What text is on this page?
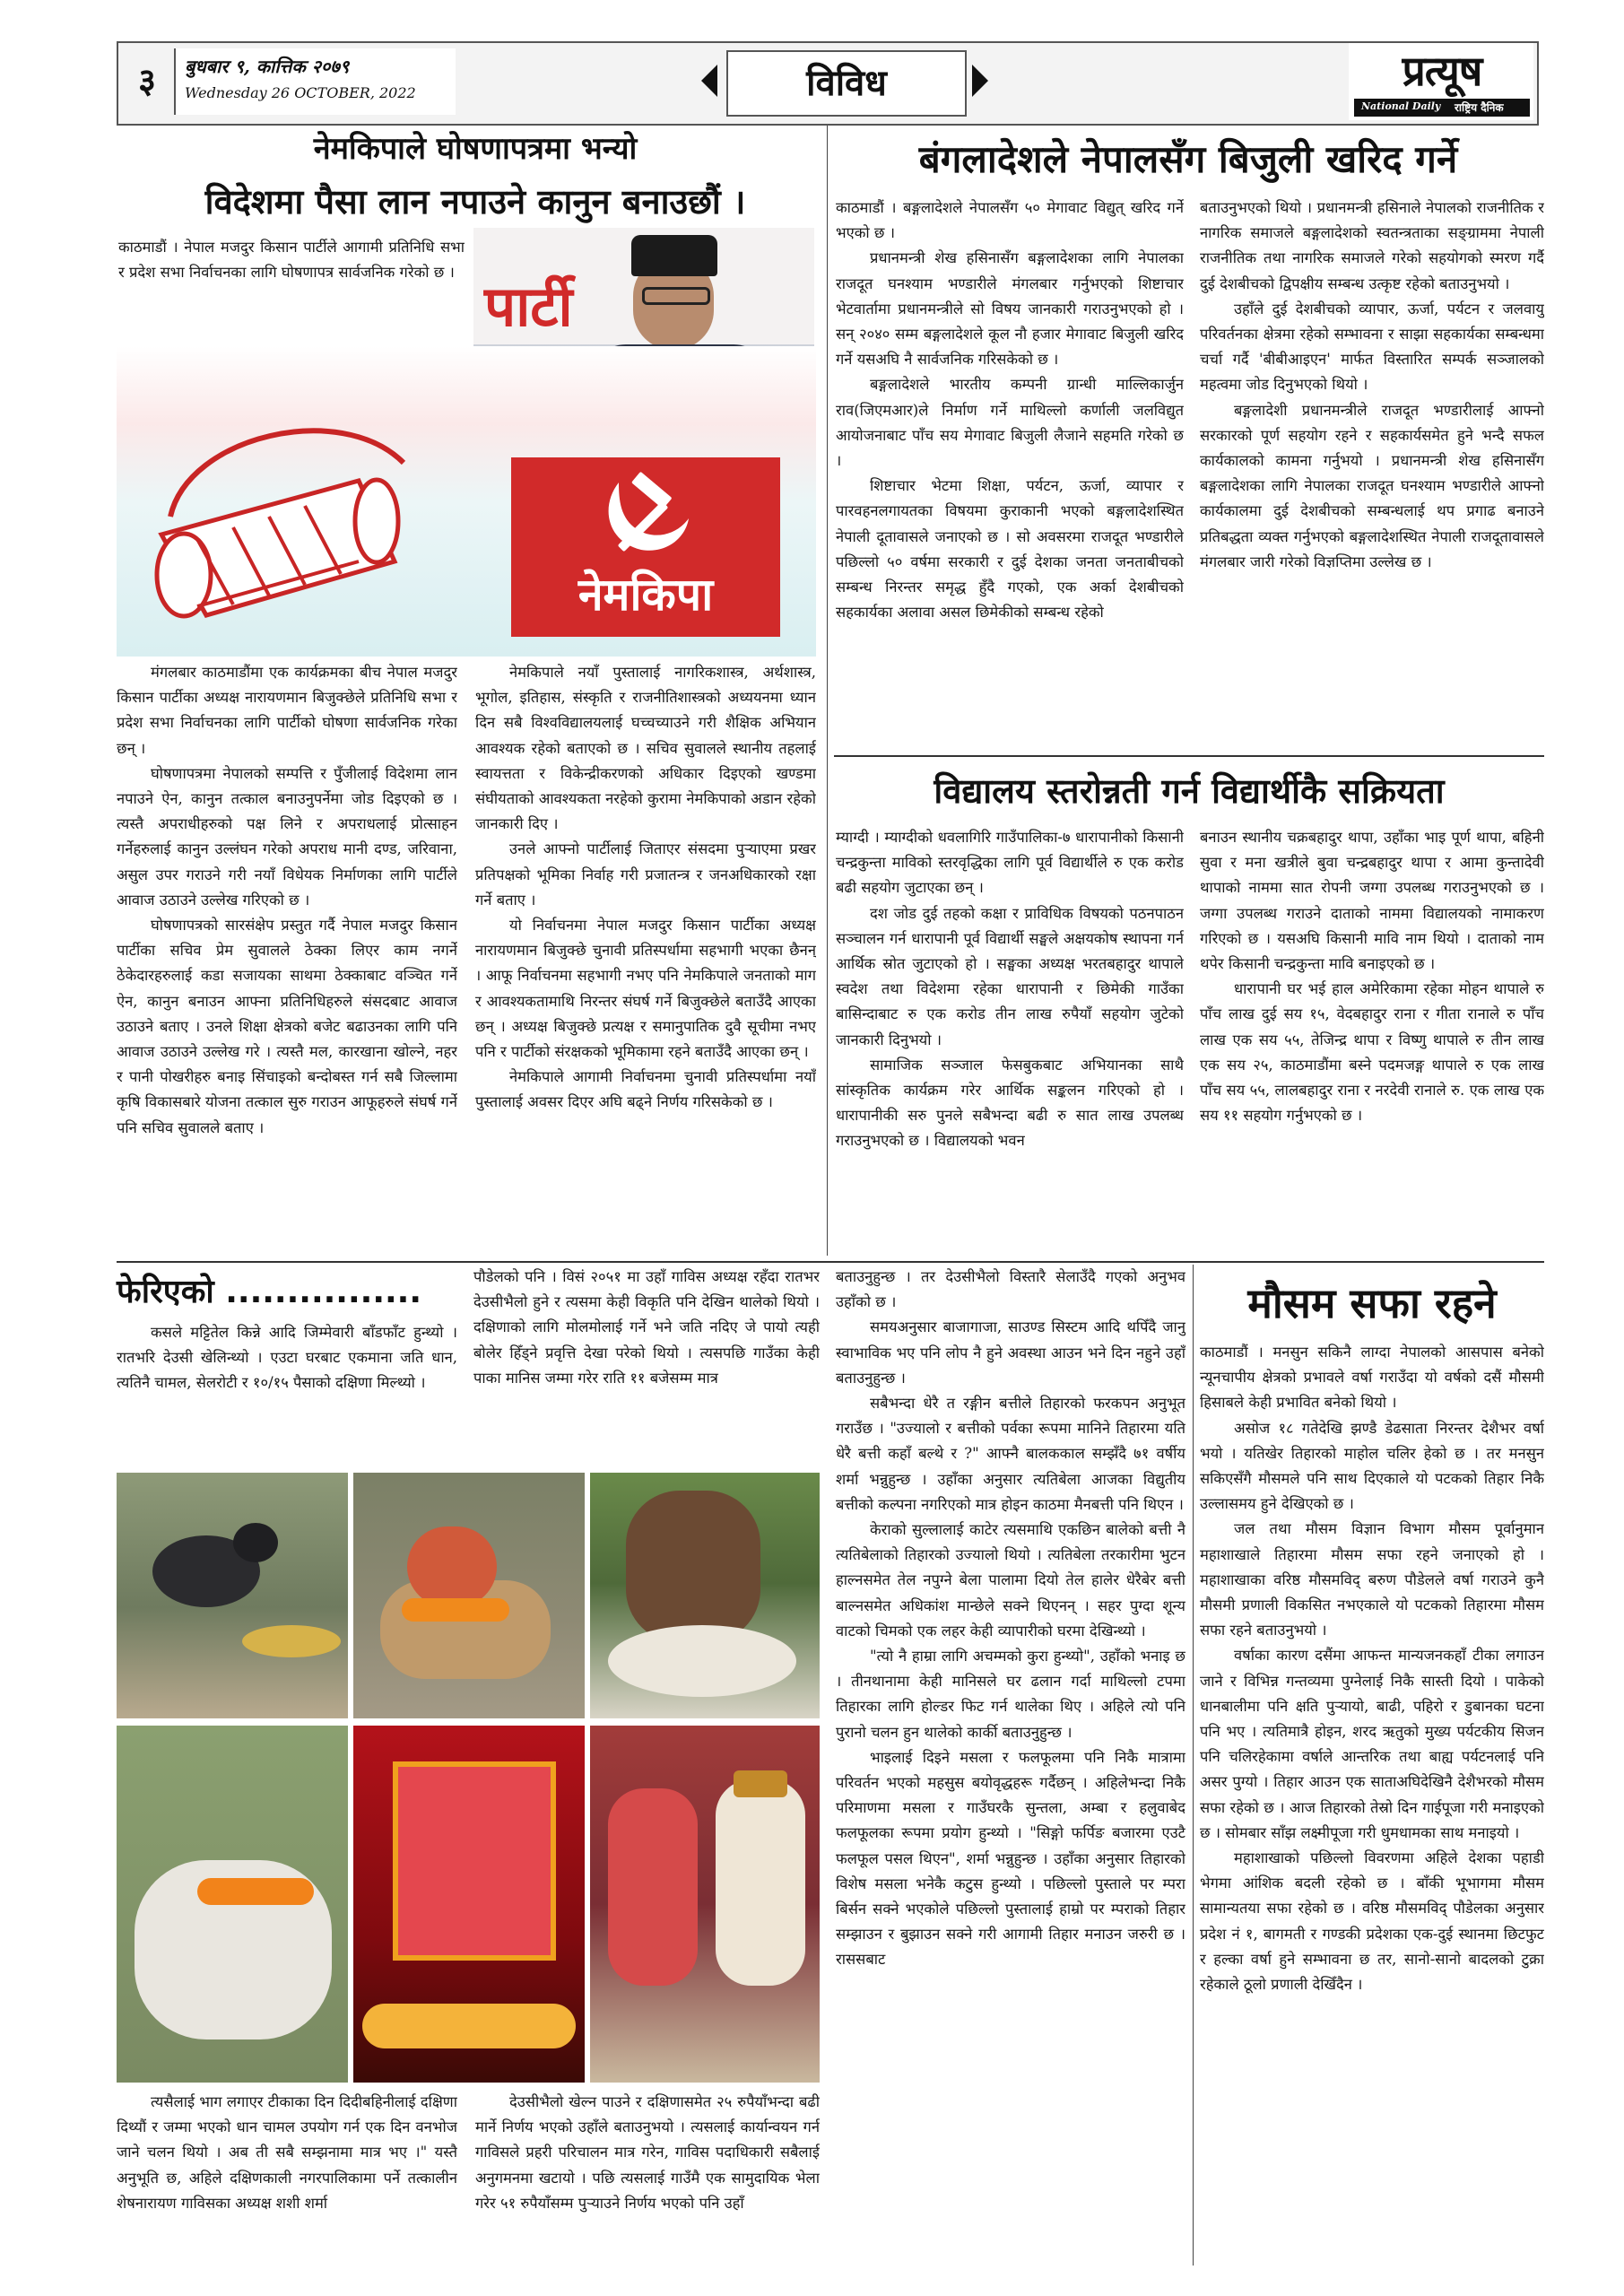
३	बुधबार ९, कात्तिक २०७९
Wednesday 26 OCTOBER, 2022	विविध	प्रत्यूष
National Daily राष्ट्रिय दैनिक
नेमकिपाले घोषणापत्रमा भन्यो
विदेशमा पैसा लान नपाउने कानुन बनाउछौं ।

काठमाडौं । नेपाल मजदुर किसान पार्टीले आगामी प्रतिनिधि सभा र प्रदेश सभा निर्वाचनका लागि घोषणापत्र सार्वजनिक गरेको छ ।

पार्टी
नेमकिपा

मंगलबार काठमाडौंमा एक कार्यक्रमका बीच नेपाल मजदुर किसान पार्टीका अध्यक्ष नारायणमान बिजुक्छेले प्रतिनिधि सभा र प्रदेश सभा निर्वाचनका लागि पार्टीको घोषणा सार्वजनिक गरेका छन् ।

घोषणापत्रमा नेपालको सम्पत्ति र पुँजीलाई विदेशमा लान नपाउने ऐन, कानुन तत्काल बनाउनुपर्नेमा जोड दिइएको छ । त्यस्तै अपराधीहरुको पक्ष लिने र अपराधलाई प्रोत्साहन गर्नेहरुलाई कानुन उल्लंघन गरेको अपराध मानी दण्ड, जरिवाना, असुल उपर गराउने गरी नयाँ विधेयक निर्माणका लागि पार्टीले आवाज उठाउने उल्लेख गरिएको छ ।

घोषणापत्रको सारसंक्षेप प्रस्तुत गर्दै नेपाल मजदुर किसान पार्टीका सचिव प्रेम सुवालले ठेक्का लिएर काम नगर्ने ठेकेदारहरुलाई कडा सजायका साथमा ठेक्काबाट वञ्चित गर्ने ऐन, कानुन बनाउन आफ्ना प्रतिनिधिहरुले संसदबाट आवाज उठाउने बताए । उनले शिक्षा क्षेत्रको बजेट बढाउनका लागि पनि आवाज उठाउने उल्लेख गरे । त्यस्तै मल, कारखाना खोल्ने, नहर र पानी पोखरीहरु बनाइ सिंचाइको बन्दोबस्त गर्न सबै जिल्लामा कृषि विकासबारे योजना तत्काल सुरु गराउन आफूहरुले संघर्ष गर्ने पनि सचिव सुवालले बताए ।

नेमकिपाले नयाँ पुस्तालाई नागरिकशास्त्र, अर्थशास्त्र, भूगोल, इतिहास, संस्कृति र राजनीतिशास्त्रको अध्ययनमा ध्यान दिन सबै विश्वविद्यालयलाई घच्चच्याउने गरी शैक्षिक अभियान आवश्यक रहेको बताएको छ । सचिव सुवालले स्थानीय तहलाई स्वायत्तता र विकेन्द्रीकरणको अधिकार दिइएको खण्डमा संघीयताको आवश्यकता नरहेको कुरामा नेमकिपाको अडान रहेको जानकारी दिए ।

उनले आफ्नो पार्टीलाई जिताएर संसदमा पुऱ्याएमा प्रखर प्रतिपक्षको भूमिका निर्वाह गरी प्रजातन्त्र र जनअधिकारको रक्षा गर्ने बताए ।

यो निर्वाचनमा नेपाल मजदुर किसान पार्टीका अध्यक्ष नारायणमान बिजुक्छे चुनावी प्रतिस्पर्धामा सहभागी भएका छैनन् । आफू निर्वाचनमा सहभागी नभए पनि नेमकिपाले जनताको माग र आवश्यकतामाथि निरन्तर संघर्ष गर्ने बिजुक्छेले बताउँदै आएका छन् । अध्यक्ष बिजुक्छे प्रत्यक्ष र समानुपातिक दुवै सूचीमा नभए पनि र पार्टीको संरक्षकको भूमिकामा रहने बताउँदै आएका छन् ।

नेमकिपाले आगामी निर्वाचनमा चुनावी प्रतिस्पर्धामा नयाँ पुस्तालाई अवसर दिएर अघि बढ्ने निर्णय गरिसकेको छ ।

बंगलादेशले नेपालसँग बिजुली खरिद गर्ने

काठमाडौं । बङ्गलादेशले नेपालसँग ५० मेगावाट विद्युत् खरिद गर्ने भएको छ ।

प्रधानमन्त्री शेख हसिनासँग बङ्गलादेशका लागि नेपालका राजदूत घनश्याम भण्डारीले मंगलबार गर्नुभएको शिष्टाचार भेटवार्तामा प्रधानमन्त्रीले सो विषय जानकारी गराउनुभएको हो । सन् २०४० सम्म बङ्गलादेशले कूल नौ हजार मेगावाट बिजुली खरिद गर्ने यसअघि नै सार्वजनिक गरिसकेको छ ।

बङ्गलादेशले भारतीय कम्पनी ग्रान्धी माल्लिकार्जुन राव(जिएमआर)ले निर्माण गर्ने माथिल्लो कर्णाली जलविद्युत आयोजनाबाट पाँच सय मेगावाट बिजुली लैजाने सहमति गरेको छ ।

शिष्टाचार भेटमा शिक्षा, पर्यटन, ऊर्जा, व्यापार र पारवहनलगायतका विषयमा कुराकानी भएको बङ्गलादेशस्थित नेपाली दूतावासले जनाएको छ । सो अवसरमा राजदूत भण्डारीले पछिल्लो ५० वर्षमा सरकारी र दुई देशका जनता जनताबीचको सम्बन्ध निरन्तर समृद्ध हुँदै गएको, एक अर्का देशबीचको सहकार्यका अलावा असल छिमेकीको सम्बन्ध रहेको

बताउनुभएको थियो । प्रधानमन्त्री हसिनाले नेपालको राजनीतिक र नागरिक समाजले बङ्गलादेशको स्वतन्त्रताका सङ्ग्राममा नेपाली राजनीतिक तथा नागरिक समाजले गरेको सहयोगको स्मरण गर्दै दुई देशबीचको द्विपक्षीय सम्बन्ध उत्कृष्ट रहेको बताउनुभयो ।

उहाँले दुई देशबीचको व्यापार, ऊर्जा, पर्यटन र जलवायु परिवर्तनका क्षेत्रमा रहेको सम्भावना र साझा सहकार्यका सम्बन्धमा चर्चा गर्दै 'बीबीआइएन' मार्फत विस्तारित सम्पर्क सञ्जालको महत्वमा जोड दिनुभएको थियो ।

बङ्गलादेशी प्रधानमन्त्रीले राजदूत भण्डारीलाई आफ्नो सरकारको पूर्ण सहयोग रहने र सहकार्यसमेत हुने भन्दै सफल कार्यकालको कामना गर्नुभयो । प्रधानमन्त्री शेख हसिनासँग बङ्गलादेशका लागि नेपालका राजदूत घनश्याम भण्डारीले आफ्नो कार्यकालमा दुई देशबीचको सम्बन्धलाई थप प्रगाढ बनाउने प्रतिबद्धता व्यक्त गर्नुभएको बङ्गलादेशस्थित नेपाली राजदूतावासले मंगलबार जारी गरेको विज्ञप्तिमा उल्लेख छ ।

विद्यालय स्तरोन्नती गर्न विद्यार्थीकै सक्रियता

म्याग्दी । म्याग्दीको धवलागिरि गाउँपालिका-७ धारापानीको किसानी चन्द्रकुन्ता माविको स्तरवृद्धिका लागि पूर्व विद्यार्थीले रु एक करोड बढी सहयोग जुटाएका छन् ।

दश जोड दुई तहको कक्षा र प्राविधिक विषयको पठनपाठन सञ्चालन गर्न धारापानी पूर्व विद्यार्थी सङ्घले अक्षयकोष स्थापना गर्न आर्थिक स्रोत जुटाएको हो । सङ्घका अध्यक्ष भरतबहादुर थापाले स्वदेश तथा विदेशमा रहेका धारापानी र छिमेकी गाउँका बासिन्दाबाट रु एक करोड तीन लाख रुपैयाँ सहयोग जुटेको जानकारी दिनुभयो ।

सामाजिक सञ्जाल फेसबुकबाट अभियानका साथै सांस्कृतिक कार्यक्रम गरेर आर्थिक सङ्कलन गरिएको हो । धारापानीकी सरु पुनले सबैभन्दा बढी रु सात लाख उपलब्ध गराउनुभएको छ । विद्यालयको भवन

बनाउन स्थानीय चक्रबहादुर थापा, उहाँका भाइ पूर्ण थापा, बहिनी सुवा र मना खत्रीले बुवा चन्द्रबहादुर थापा र आमा कुन्तादेवी थापाको नाममा सात रोपनी जग्गा उपलब्ध गराउनुभएको छ । जग्गा उपलब्ध गराउने दाताको नाममा विद्यालयको नामाकरण गरिएको छ । यसअघि किसानी मावि नाम थियो । दाताको नाम थपेर किसानी चन्द्रकुन्ता मावि बनाइएको छ ।

धारापानी घर भई हाल अमेरिकामा रहेका मोहन थापाले रु पाँच लाख दुई सय १५, वेदबहादुर राना र गीता रानाले रु पाँच लाख एक सय ५५, तेजिन्द्र थापा र विष्णु थापाले रु तीन लाख एक सय २५, काठमाडौंमा बस्ने पदमजङ्ग थापाले रु एक लाख पाँच सय ५५, लालबहादुर राना र नरदेवी रानाले रु. एक लाख एक सय ११ सहयोग गर्नुभएको छ ।

फेरिएको ................

कसले मट्टितेल किन्ने आदि जिम्मेवारी बाँडफाँट हुन्थ्यो । रातभरि देउसी खेलिन्थ्यो । एउटा घरबाट एकमाना जति धान, त्यतिनै चामल, सेलरोटी र १०/१५ पैसाको दक्षिणा मिल्थ्यो ।

पौडेलको पनि । विसं २०५१ मा उहाँ गाविस अध्यक्ष रहँदा रातभर देउसीभैलो हुने र त्यसमा केही विकृति पनि देखिन थालेको थियो । दक्षिणाको लागि मोलमोलाई गर्ने भने जति नदिए जे पायो त्यही बोलेर हिँड्ने प्रवृत्ति देखा परेको थियो । त्यसपछि गाउँका केही पाका मानिस जम्मा गरेर राति ११ बजेसम्म मात्र

त्यसैलाई भाग लगाएर टीकाका दिन दिदीबहिनीलाई दक्षिणा दिथ्यौं र जम्मा भएको धान चामल उपयोग गर्न एक दिन वनभोज जाने चलन थियो । अब ती सबै सम्झनामा मात्र भए ।" यस्तै अनुभूति छ, अहिले दक्षिणकाली नगरपालिकामा पर्ने तत्कालीन शेषनारायण गाविसका अध्यक्ष शशी शर्मा

देउसीभैलो खेल्न पाउने र दक्षिणासमेत २५ रुपैयाँभन्दा बढी मार्ने निर्णय भएको उहाँले बताउनुभयो । त्यसलाई कार्यान्वयन गर्न गाविसले प्रहरी परिचालन मात्र गरेन, गाविस पदाधिकारी सबैलाई अनुगमनमा खटायो । पछि त्यसलाई गाउँमै एक सामुदायिक भेला गरेर ५१ रुपैयाँसम्म पुऱ्याउने निर्णय भएको पनि उहाँ

बताउनुहुन्छ । तर देउसीभैलो विस्तारै सेलाउँदै गएको अनुभव उहाँको छ ।

समयअनुसार बाजागाजा, साउण्ड सिस्टम आदि थपिँदै जानु स्वाभाविक भए पनि लोप नै हुने अवस्था आउन भने दिन नहुने उहाँ बताउनुहुन्छ ।

सबैभन्दा धेरै त रङ्गीन बत्तीले तिहारको फरकपन अनुभूत गराउँछ । "उज्यालो र बत्तीको पर्वका रूपमा मानिने तिहारमा यति धेरै बत्ती कहाँ बल्थे र ?" आफ्नै बालककाल सम्झँदै ७१ वर्षीय शर्मा भन्नुहुन्छ । उहाँका अनुसार त्यतिबेला आजका विद्युतीय बत्तीको कल्पना नगरिएको मात्र होइन काठमा मैनबत्ती पनि थिएन ।

केराको सुल्लालाई काटेर त्यसमाथि एकछिन बालेको बत्ती नै त्यतिबेलाको तिहारको उज्यालो थियो । त्यतिबेला तरकारीमा भुटन हाल्नसमेत तेल नपुग्ने बेला पालामा दियो तेल हालेर धेरैबेर बत्ती बाल्नसमेत अधिकांश मान्छेले सक्ने थिएनन् । सहर पुग्दा शून्य वाटको चिमको एक लहर केही व्यापारीको घरमा देखिन्थ्यो ।

"त्यो नै हाम्रा लागि अचम्मको कुरा हुन्थ्यो", उहाँको भनाइ छ । तीनथानामा केही मानिसले घर ढलान गर्दा माथिल्लो टपमा तिहारका लागि होल्डर फिट गर्न थालेका थिए । अहिले त्यो पनि पुरानो चलन हुन थालेको कार्की बताउनुहुन्छ ।

भाइलाई दिइने मसला र फलफूलमा पनि निकै मात्रामा परिवर्तन भएको महसुस बयोवृद्धहरू गर्दैछन् । अहिलेभन्दा निकै परिमाणमा मसला र गाउँघरकै सुन्तला, अम्बा र हलुवाबेद फलफूलका रूपमा प्रयोग हुन्थ्यो । "सिङ्गो फर्पिङ बजारमा एउटै फलफूल पसल थिएन", शर्मा भन्नुहुन्छ । उहाँका अनुसार तिहारको विशेष मसला भनेकै कटुस हुन्थ्यो । पछिल्लो पुस्ताले पर म्परा बिर्सन सक्ने भएकोले पछिल्लो पुस्तालाई हाम्रो पर म्पराको तिहार सम्झाउन र बुझाउन सक्ने गरी आगामी तिहार मनाउन जरुरी छ । राससबाट

मौसम सफा रहने

काठमाडौं । मनसुन सकिनै लाग्दा नेपालको आसपास बनेको न्यूनचापीय क्षेत्रको प्रभावले वर्षा गराउँदा यो वर्षको दसैं मौसमी हिसाबले केही प्रभावित बनेको थियो ।

असोज १८ गतेदेखि झण्डै डेढसाता निरन्तर देशैभर वर्षा भयो । यतिखेर तिहारको माहोल चलिर हेको छ । तर मनसुन सकिएसँगै मौसमले पनि साथ दिएकाले यो पटकको तिहार निकै उल्लासमय हुने देखिएको छ ।

जल तथा मौसम विज्ञान विभाग मौसम पूर्वानुमान महाशाखाले तिहारमा मौसम सफा रहने जनाएको हो । महाशाखाका वरिष्ठ मौसमविद् बरुण पौडेलले वर्षा गराउने कुनै मौसमी प्रणाली विकसित नभएकाले यो पटकको तिहारमा मौसम सफा रहने बताउनुभयो ।

वर्षाका कारण दसैंमा आफन्त मान्यजनकहाँ टीका लगाउन जाने र विभिन्न गन्तव्यमा पुग्नेलाई निकै सास्ती दियो । पाकेको धानबालीमा पनि क्षति पुऱ्यायो, बाढी, पहिरो र डुबानका घटना पनि भए । त्यतिमात्रै होइन, शरद ऋतुको मुख्य पर्यटकीय सिजन पनि चलिरहेकामा वर्षाले आन्तरिक तथा बाह्य पर्यटनलाई पनि असर पुग्यो । तिहार आउन एक साताअघिदेखिनै देशैभरको मौसम सफा रहेको छ । आज तिहारको तेस्रो दिन गाईपूजा गरी मनाइएको छ । सोमबार साँझ लक्ष्मीपूजा गरी धुमधामका साथ मनाइयो ।

महाशाखाको पछिल्लो विवरणमा अहिले देशका पहाडी भेगमा आंशिक बदली रहेको छ । बाँकी भूभागमा मौसम सामान्यतया सफा रहेको छ । वरिष्ठ मौसमविद् पौडेलका अनुसार प्रदेश नं १, बागमती र गण्डकी प्रदेशका एक-दुई स्थानमा छिटफुट र हल्का वर्षा हुने सम्भावना छ तर, सानो-सानो बादलको टुक्रा रहेकाले ठूलो प्रणाली देखिँदैन ।
